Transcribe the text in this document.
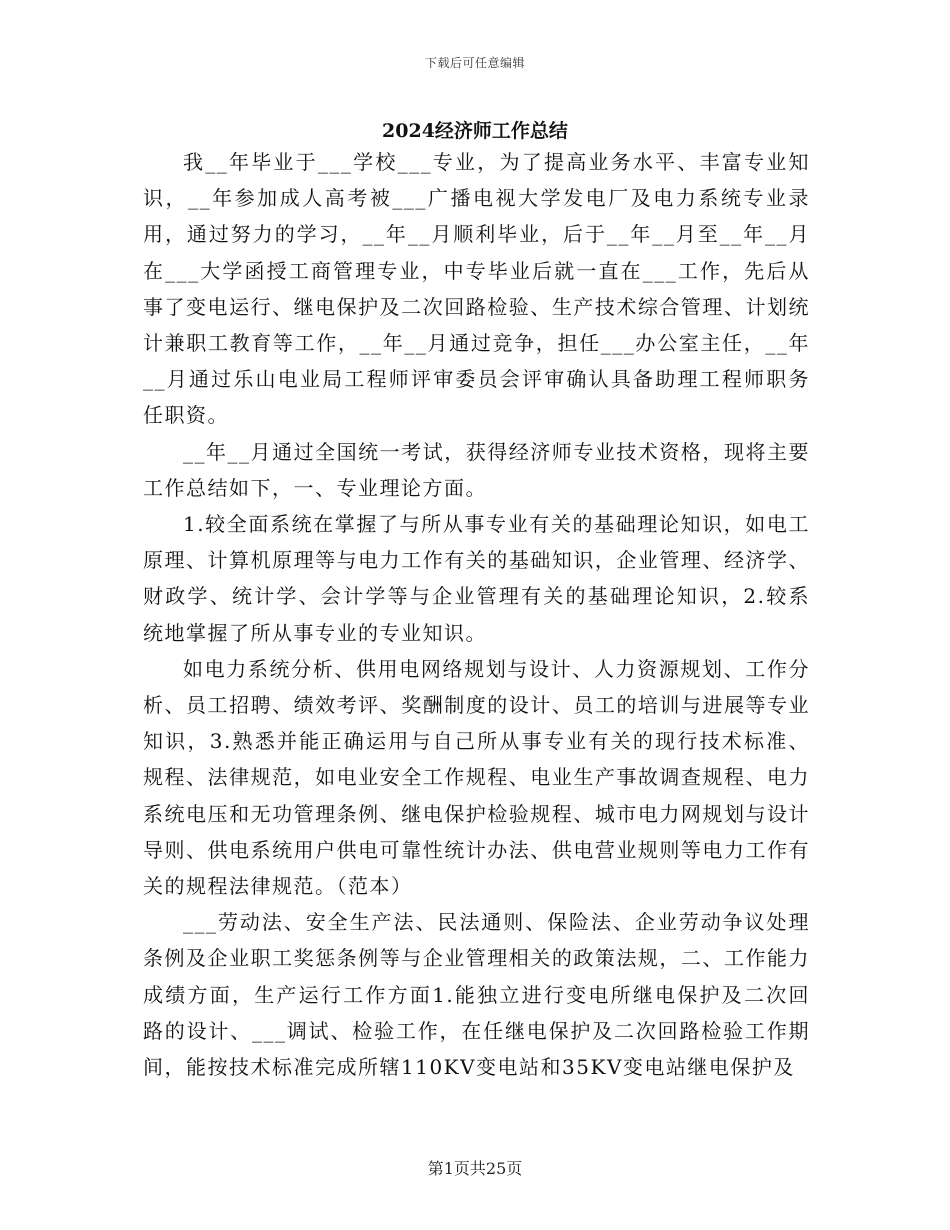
下载后可任意编辑
2024经济师工作总结

我__年毕业于___学校___专业，为了提高业务水平、丰富专业知识，__年参加成人高考被___广播电视大学发电厂及电力系统专业录用，通过努力的学习，__年__月顺利毕业，后于__年__月至__年__月在___大学函授工商管理专业，中专毕业后就一直在___工作，先后从事了变电运行、继电保护及二次回路检验、生产技术综合管理、计划统计兼职工教育等工作，__年__月通过竞争，担任___办公室主任，__年__月通过乐山电业局工程师评审委员会评审确认具备助理工程师职务任职资。

__年__月通过全国统一考试，获得经济师专业技术资格，现将主要工作总结如下，一、专业理论方面。

1.较全面系统在掌握了与所从事专业有关的基础理论知识，如电工原理、计算机原理等与电力工作有关的基础知识，企业管理、经济学、财政学、统计学、会计学等与企业管理有关的基础理论知识，2.较系统地掌握了所从事专业的专业知识。

如电力系统分析、供用电网络规划与设计、人力资源规划、工作分析、员工招聘、绩效考评、奖酬制度的设计、员工的培训与进展等专业知识，3.熟悉并能正确运用与自己所从事专业有关的现行技术标准、规程、法律规范，如电业安全工作规程、电业生产事故调查规程、电力系统电压和无功管理条例、继电保护检验规程、城市电力网规划与设计导则、供电系统用户供电可靠性统计办法、供电营业规则等电力工作有关的规程法律规范。（范本）

___劳动法、安全生产法、民法通则、保险法、企业劳动争议处理条例及企业职工奖惩条例等与企业管理相关的政策法规，二、工作能力成绩方面，生产运行工作方面1.能独立进行变电所继电保护及二次回路的设计、___调试、检验工作，在任继电保护及二次回路检验工作期间，能按技术标准完成所辖110KV变电站和35KV变电站继电保护及

第1页共25页
